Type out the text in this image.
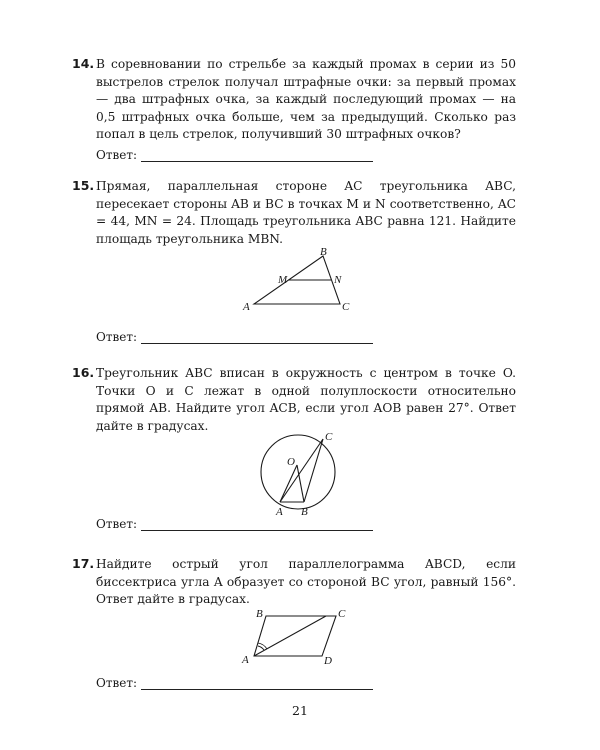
14. В соревновании по стрельбе за каждый промах в серии из 50 выстрелов стрелок получал штрафные очки: за первый промах — два штрафных очка, за каждый последующий промах — на 0,5 штрафных очка больше, чем за предыдущий. Сколько раз попал в цель стрелок, получивший 30 штрафных очков?

Ответ:
15. Прямая, параллельная стороне AC треугольника ABC, пересекает стороны AB и BC в точках M и N соответственно, AC = 44, MN = 24. Площадь треугольника ABC равна 121. Найдите площадь треугольника MBN.

B
M	N
A	C
Ответ:
16. Треугольник ABC вписан в окружность с центром в точке O. Точки O и C лежат в одной полуплоскости относительно прямой AB. Найдите угол ACB, если угол AOB равен 27°. Ответ дайте в градусах.

O
C
A B
Ответ:
17. Найдите острый угол параллелограмма ABCD, если биссектриса угла A образует со стороной BC угол, равный 156°. Ответ дайте в градусах.

B	C
A	D
Ответ:
21
